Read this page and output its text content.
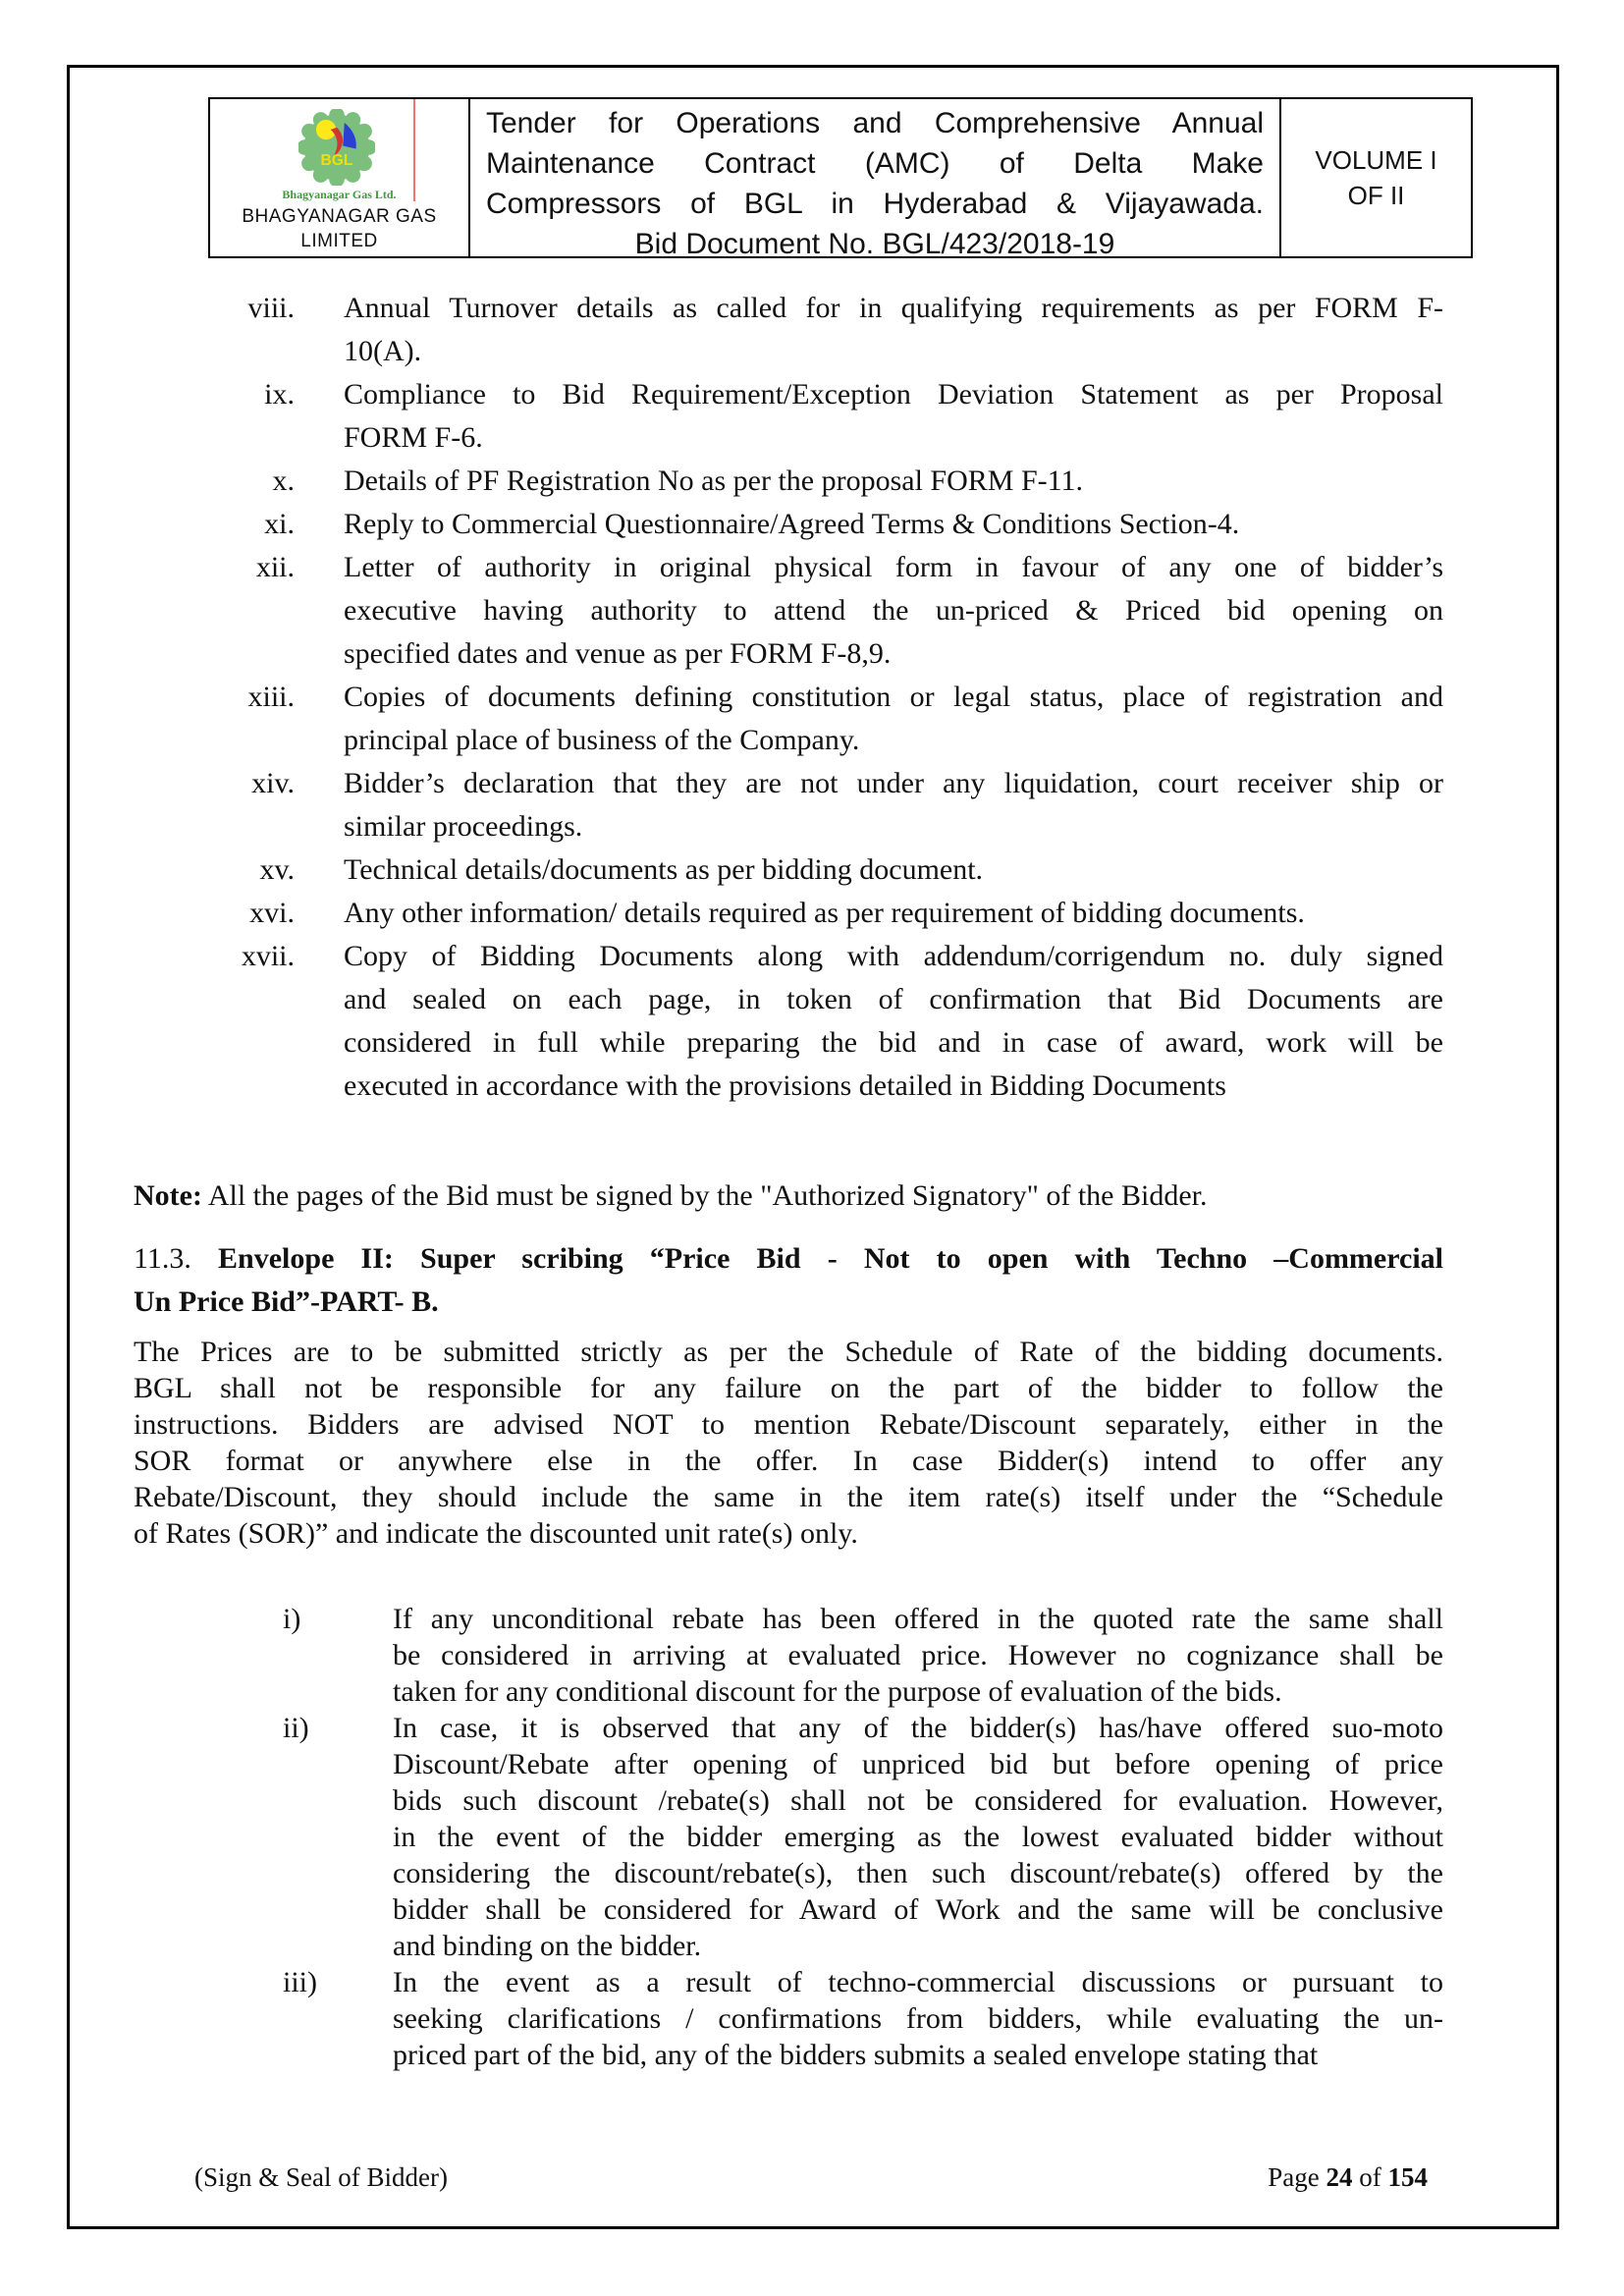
BGL
Bhagyanagar Gas Ltd.
BHAGYANAGAR GAS
LIMITED
Tender for Operations and Comprehensive Annual
Maintenance Contract (AMC) of Delta Make
Compressors of BGL in Hyderabad & Vijayawada.
Bid Document No. BGL/423/2018-19
VOLUME I
OF II
viii. Annual Turnover details as called for in qualifying requirements as per FORM F-
10(A).
ix. Compliance to Bid Requirement/Exception Deviation Statement as per Proposal
FORM F-6.
x. Details of PF Registration No as per the proposal FORM F-11.
xi. Reply to Commercial Questionnaire/Agreed Terms & Conditions Section-4.
xii. Letter of authority in original physical form in favour of any one of bidder’s
executive having authority to attend the un-priced & Priced bid opening on
specified dates and venue as per FORM F-8,9.
xiii. Copies of documents defining constitution or legal status, place of registration and
principal place of business of the Company.
xiv. Bidder’s declaration that they are not under any liquidation, court receiver ship or
similar proceedings.
xv. Technical details/documents as per bidding document.
xvi. Any other information/ details required as per requirement of bidding documents.
xvii. Copy of Bidding Documents along with addendum/corrigendum no. duly signed
and sealed on each page, in token of confirmation that Bid Documents are
considered in full while preparing the bid and in case of award, work will be
executed in accordance with the provisions detailed in Bidding Documents
Note: All the pages of the Bid must be signed by the "Authorized Signatory" of the Bidder.
11.3. Envelope II: Super scribing “Price Bid - Not to open with Techno –Commercial
Un Price Bid”-PART- B.
The Prices are to be submitted strictly as per the Schedule of Rate of the bidding documents.
BGL shall not be responsible for any failure on the part of the bidder to follow the
instructions. Bidders are advised NOT to mention Rebate/Discount separately, either in the
SOR format or anywhere else in the offer. In case Bidder(s) intend to offer any
Rebate/Discount, they should include the same in the item rate(s) itself under the “Schedule
of Rates (SOR)” and indicate the discounted unit rate(s) only.
i)	If any unconditional rebate has been offered in the quoted rate the same shall
be considered in arriving at evaluated price. However no cognizance shall be
taken for any conditional discount for the purpose of evaluation of the bids.
ii)	In case, it is observed that any of the bidder(s) has/have offered suo-moto
Discount/Rebate after opening of unpriced bid but before opening of price
bids such discount /rebate(s) shall not be considered for evaluation. However,
in the event of the bidder emerging as the lowest evaluated bidder without
considering the discount/rebate(s), then such discount/rebate(s) offered by the
bidder shall be considered for Award of Work and the same will be conclusive
and binding on the bidder.
iii)	In the event as a result of techno-commercial discussions or pursuant to
seeking clarifications / confirmations from bidders, while evaluating the un-
priced part of the bid, any of the bidders submits a sealed envelope stating that
(Sign & Seal of Bidder)	Page 24 of 154
